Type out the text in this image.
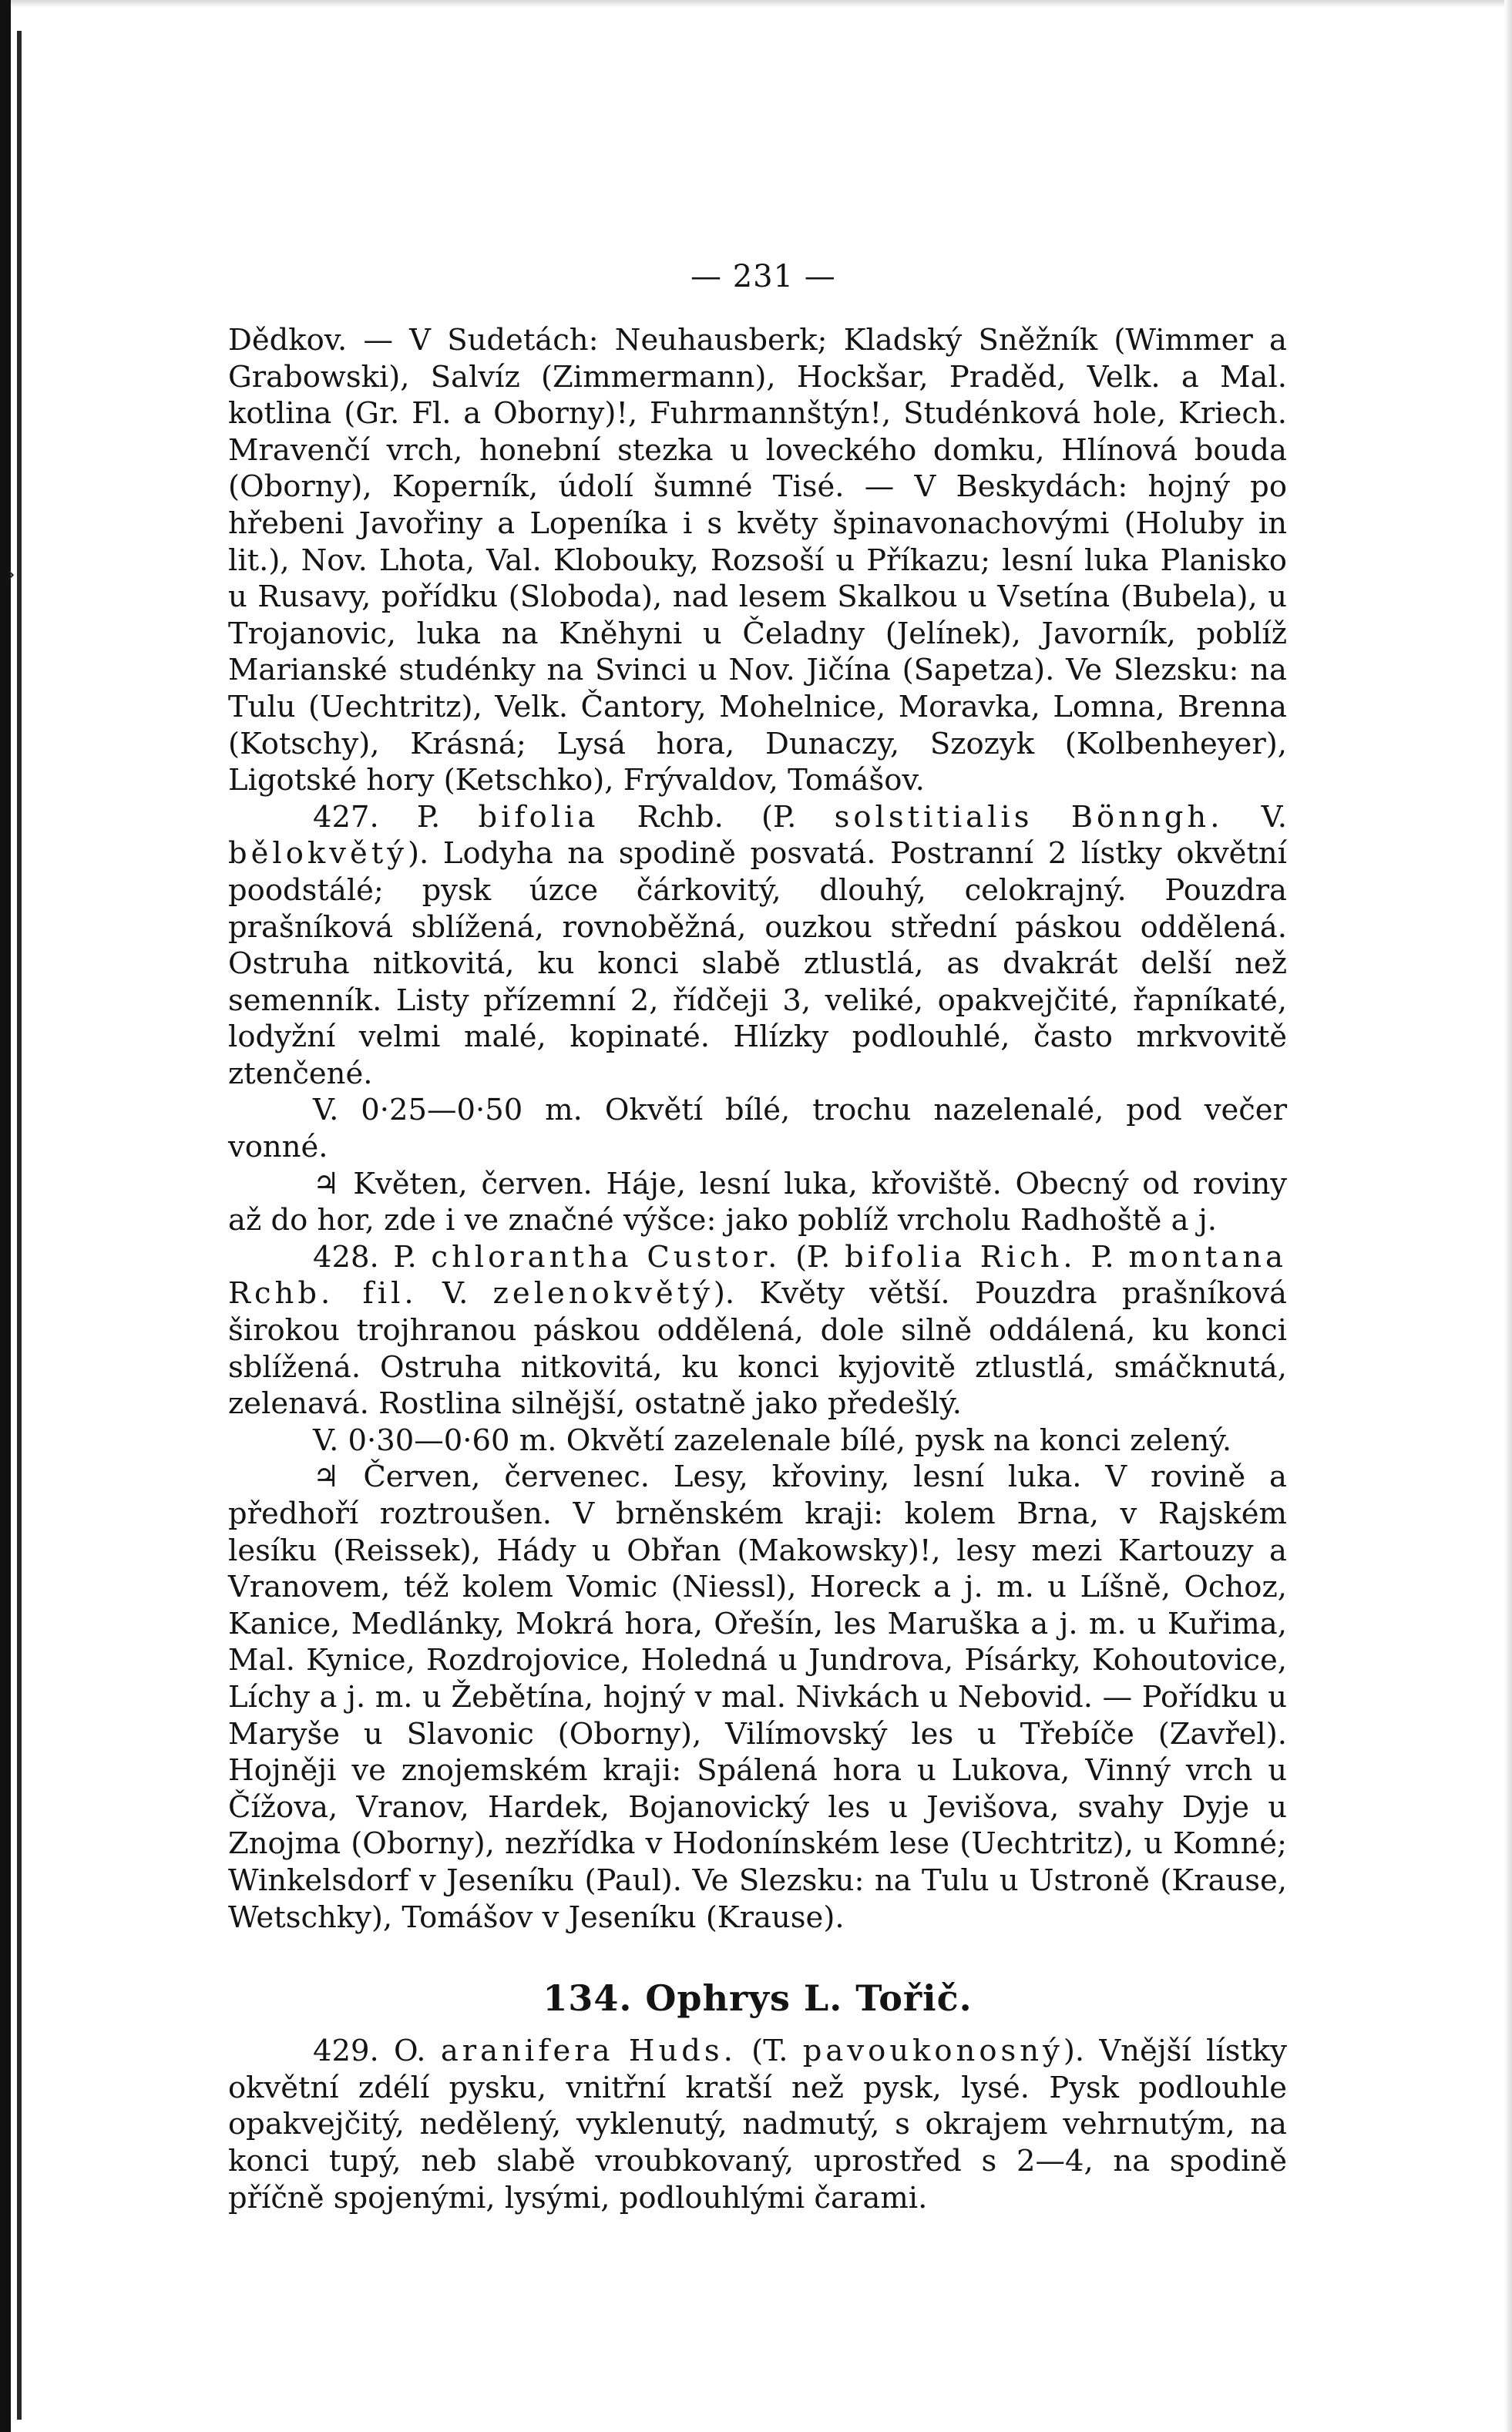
›
— 231 —

Dědkov. — V Sudetách: Neuhausberk; Kladský Sněžník (Wimmer a Grabowski), Salvíz (Zimmermann), Hockšar, Praděd, Velk. a Mal. kotlina (Gr. Fl. a Oborny)!, Fuhrmannštýn!, Studénková hole, Kriech. Mravenčí vrch, honební stezka u loveckého domku, Hlínová bouda (Oborny), Koperník, údolí šumné Tisé. — V Beskydách: hojný po hřebeni Javořiny a Lopeníka i s květy špinavonachovými (Holuby in lit.), Nov. Lhota, Val. Klobouky, Rozsoší u Příkazu; lesní luka Planisko u Rusavy, pořídku (Sloboda), nad lesem Skalkou u Vsetína (Bubela), u Trojanovic, luka na Kněhyni u Čeladny (Jelínek), Javorník, poblíž Marianské studénky na Svinci u Nov. Jičína (Sapetza). Ve Slezsku: na Tulu (Uechtritz), Velk. Čantory, Mohelnice, Moravka, Lomna, Brenna (Kotschy), Krásná; Lysá hora, Dunaczy, Szozyk (Kolbenheyer), Ligotské hory (Ketschko), Frývaldov, Tomášov.

427. P. bifolia Rchb. (P. solstitialis Bönngh. V. bělokvětý). Lodyha na spodině posvatá. Postranní 2 lístky okvětní poodstálé; pysk úzce čárkovitý, dlouhý, celokrajný. Pouzdra prašníková sblížená, rovnoběžná, ouzkou střední páskou oddělená. Ostruha nitkovitá, ku konci slabě ztlustlá, as dvakrát delší než semenník. Listy přízemní 2, řídčeji 3, veliké, opakvejčité, řapníkaté, lodyžní velmi malé, kopinaté. Hlízky podlouhlé, často mrkvovitě ztenčené.

V. 0·25—0·50 m. Okvětí bílé, trochu nazelenalé, pod večer vonné.

♃ Květen, červen. Háje, lesní luka, křoviště. Obecný od roviny až do hor, zde i ve značné výšce: jako poblíž vrcholu Radhoště a j.

428. P. chlorantha Custor. (P. bifolia Rich. P. montana Rchb. fil. V. zelenokvětý). Květy větší. Pouzdra prašníková širokou trojhranou páskou oddělená, dole silně oddálená, ku konci sblížená. Ostruha nitkovitá, ku konci kyjovitě ztlustlá, smáčknutá, zelenavá. Rostlina silnější, ostatně jako předešlý.

V. 0·30—0·60 m. Okvětí zazelenale bílé, pysk na konci zelený.

♃ Červen, červenec. Lesy, křoviny, lesní luka. V rovině a předhoří roztroušen. V brněnském kraji: kolem Brna, v Rajském lesíku (Reissek), Hády u Obřan (Makowsky)!, lesy mezi Kartouzy a Vranovem, též kolem Vomic (Niessl), Horeck a j. m. u Líšně, Ochoz, Kanice, Medlánky, Mokrá hora, Ořešín, les Maruška a j. m. u Kuřima, Mal. Kynice, Rozdrojovice, Holedná u Jundrova, Písárky, Kohoutovice, Líchy a j. m. u Žebětína, hojný v mal. Nivkách u Nebovid. — Pořídku u Maryše u Slavonic (Oborny), Vilímovský les u Třebíče (Zavřel). Hojněji ve znojemském kraji: Spálená hora u Lukova, Vinný vrch u Čížova, Vranov, Hardek, Bojanovický les u Jevišova, svahy Dyje u Znojma (Oborny), nezřídka v Hodonínském lese (Uechtritz), u Komné; Winkelsdorf v Jeseníku (Paul). Ve Slezsku: na Tulu u Ustroně (Krause, Wetschky), Tomášov v Jeseníku (Krause).

134. Ophrys L. Tořič.

429. O. aranifera Huds. (T. pavoukonosný). Vnější lístky okvětní zdélí pysku, vnitřní kratší než pysk, lysé. Pysk podlouhle opakvejčitý, nedělený, vyklenutý, nadmutý, s okrajem vehrnutým, na konci tupý, neb slabě vroubkovaný, uprostřed s 2—4, na spodině příčně spojenými, lysými, podlouhlými čarami.
